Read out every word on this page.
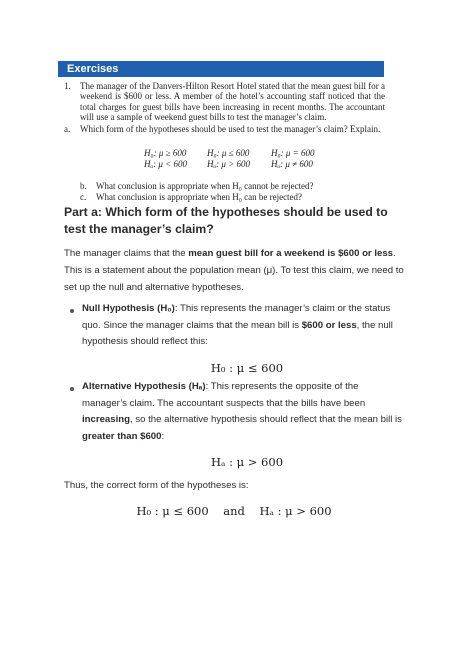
Exercises
1. The manager of the Danvers-Hilton Resort Hotel stated that the mean guest bill for a weekend is $600 or less. A member of the hotel’s accounting staff noticed that the total charges for guest bills have been increasing in recent months. The accountant will use a sample of weekend guest bills to test the manager’s claim.
a. Which form of the hypotheses should be used to test the manager’s claim? Explain.
H₀: μ ≥ 600
Hₐ: μ < 600
H₀: μ ≤ 600
Hₐ: μ > 600
H₀: μ = 600
Hₐ: μ ≠ 600
b. What conclusion is appropriate when H₀ cannot be rejected?
c. What conclusion is appropriate when H₀ can be rejected?
Part a: Which form of the hypotheses should be used to test the manager’s claim?
The manager claims that the mean guest bill for a weekend is $600 or less.
This is a statement about the population mean (μ). To test this claim, we need to set up the null and alternative hypotheses.
Null Hypothesis (H₀): This represents the manager’s claim or the status quo. Since the manager claims that the mean bill is $600 or less, the null hypothesis should reflect this:
H₀ : μ ≤ 600
Alternative Hypothesis (Hₐ): This represents the opposite of the manager’s claim. The accountant suspects that the bills have been increasing, so the alternative hypothesis should reflect that the mean bill is greater than $600:
Hₐ : μ > 600
Thus, the correct form of the hypotheses is:
H₀ : μ ≤ 600    and    Hₐ : μ > 600
